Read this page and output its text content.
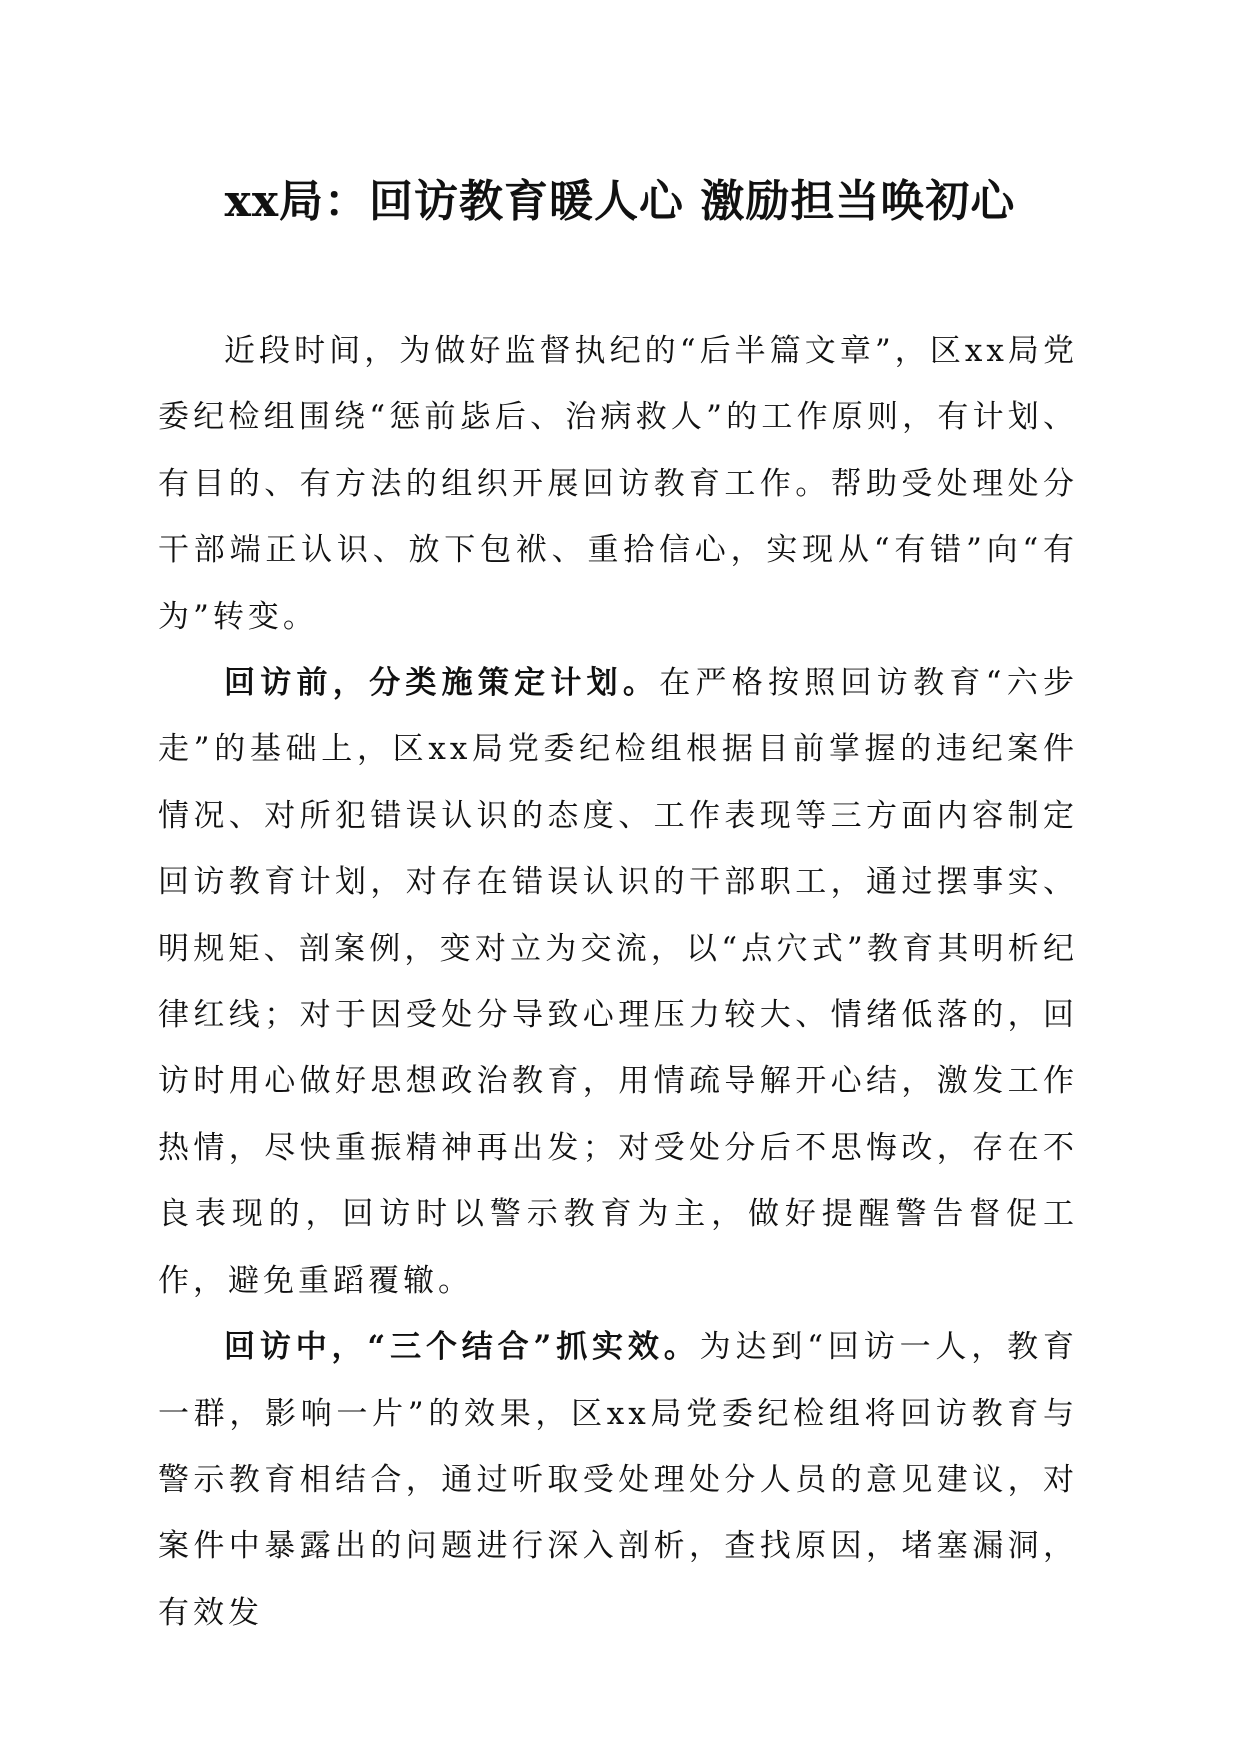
xx局：回访教育暖人心 激励担当唤初心

近段时间，为做好监督执纪的“后半篇文章”，区xx局党委纪检组围绕“惩前毖后、治病救人”的工作原则，有计划、有目的、有方法的组织开展回访教育工作。帮助受处理处分干部端正认识、放下包袱、重拾信心，实现从“有错”向“有为”转变。

回访前，分类施策定计划。在严格按照回访教育“六步走”的基础上，区xx局党委纪检组根据目前掌握的违纪案件情况、对所犯错误认识的态度、工作表现等三方面内容制定回访教育计划，对存在错误认识的干部职工，通过摆事实、明规矩、剖案例，变对立为交流，以“点穴式”教育其明析纪律红线；对于因受处分导致心理压力较大、情绪低落的，回访时用心做好思想政治教育，用情疏导解开心结，激发工作热情，尽快重振精神再出发；对受处分后不思悔改，存在不良表现的，回访时以警示教育为主，做好提醒警告督促工作，避免重蹈覆辙。

回访中，“三个结合”抓实效。为达到“回访一人，教育一群，影响一片”的效果，区xx局党委纪检组将回访教育与警示教育相结合，通过听取受处理处分人员的意见建议，对案件中暴露出的问题进行深入剖析，查找原因，堵塞漏洞，有效发
